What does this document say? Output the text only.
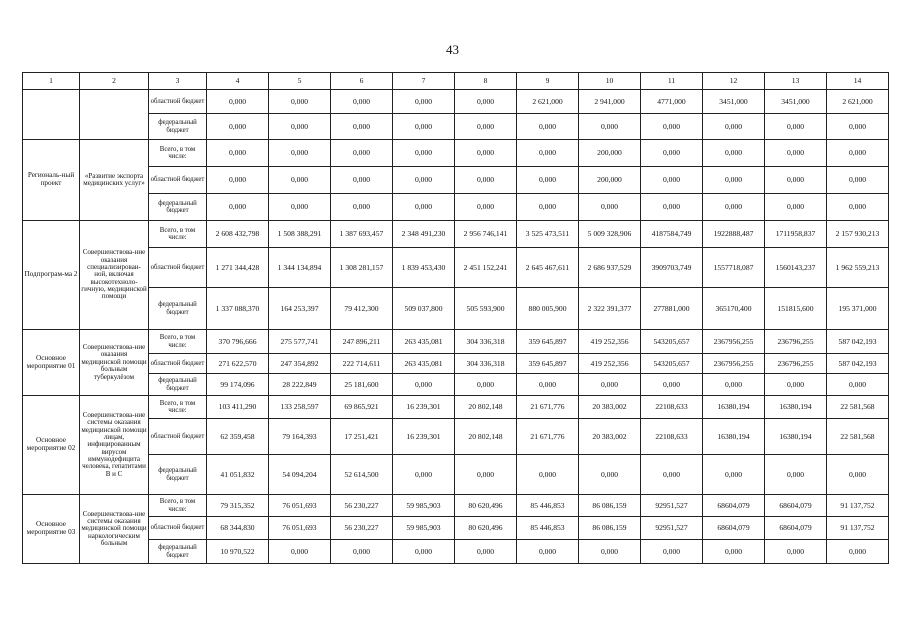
43
1	2	3	4	5	6	7	8	9	10	11	12	13	14
		областной бюджет	0,000	0,000	0,000	0,000	0,000	2 621,000	2 941,000	4771,000	3451,000	3451,000	2 621,000
		федеральный бюджет	0,000	0,000	0,000	0,000	0,000	0,000	0,000	0,000	0,000	0,000	0,000
Региональ-ный проект	«Развитие экспорта медицинских услуг»	Всего, в том числе:	0,000	0,000	0,000	0,000	0,000	0,000	200,000	0,000	0,000	0,000	0,000
		областной бюджет	0,000	0,000	0,000	0,000	0,000	0,000	200,000	0,000	0,000	0,000	0,000
		федеральный бюджет	0,000	0,000	0,000	0,000	0,000	0,000	0,000	0,000	0,000	0,000	0,000
Подпрограм-ма 2	Совершенствова-ние оказания специализирован-ной, включая высокотехноло-гичную, медицинской помощи	Всего, в том числе:	2 608 432,798	1 508 388,291	1 387 693,457	2 348 491,230	2 956 746,141	3 525 473,511	5 009 328,906	4187584,749	1922888,487	1711958,837	2 157 930,213
		областной бюджет	1 271 344,428	1 344 134,894	1 308 281,157	1 839 453,430	2 451 152,241	2 645 467,611	2 686 937,529	3909703,749	1557718,087	1560143,237	1 962 559,213
		федеральный бюджет	1 337 088,370	164 253,397	79 412,300	509 037,800	505 593,900	880 005,900	2 322 391,377	277881,000	365170,400	151815,600	195 371,000
Основное мероприятие 01	Совершенствова-ние оказания медицинской помощи больным туберкулёзом	Всего, в том числе:	370 796,666	275 577,741	247 896,211	263 435,081	304 336,318	359 645,897	419 252,356	543205,657	2367956,255	236796,255	587 042,193
		областной бюджет	271 622,570	247 354,892	222 714,611	263 435,081	304 336,318	359 645,897	419 252,356	543205,657	2367956,255	236796,255	587 042,193
		федеральный бюджет	99 174,096	28 222,849	25 181,600	0,000	0,000	0,000	0,000	0,000	0,000	0,000	0,000
Основное мероприятие 02	Совершенствова-ние системы оказания медицинской помощи лицам, инфицированным вирусом иммунодефицита человека, гепатитами В и С	Всего, в том числе:	103 411,290	133 258,597	69 865,921	16 239,301	20 802,148	21 671,776	20 383,002	22108,633	16380,194	16380,194	22 581,568
		областной бюджет	62 359,458	79 164,393	17 251,421	16 239,301	20 802,148	21 671,776	20 383,002	22108,633	16380,194	16380,194	22 581,568
		федеральный бюджет	41 051,832	54 094,204	52 614,500	0,000	0,000	0,000	0,000	0,000	0,000	0,000	0,000
Основное мероприятие 03	Совершенствова-ние системы оказания медицинской помощи наркологическим больным	Всего, в том числе:	79 315,352	76 051,693	56 230,227	59 985,903	80 620,496	85 446,853	86 086,159	92951,527	68604,079	68604,079	91 137,752
		областной бюджет	68 344,830	76 051,693	56 230,227	59 985,903	80 620,496	85 446,853	86 086,159	92951,527	68604,079	68604,079	91 137,752
		федеральный бюджет	10 970,522	0,000	0,000	0,000	0,000	0,000	0,000	0,000	0,000	0,000	0,000
